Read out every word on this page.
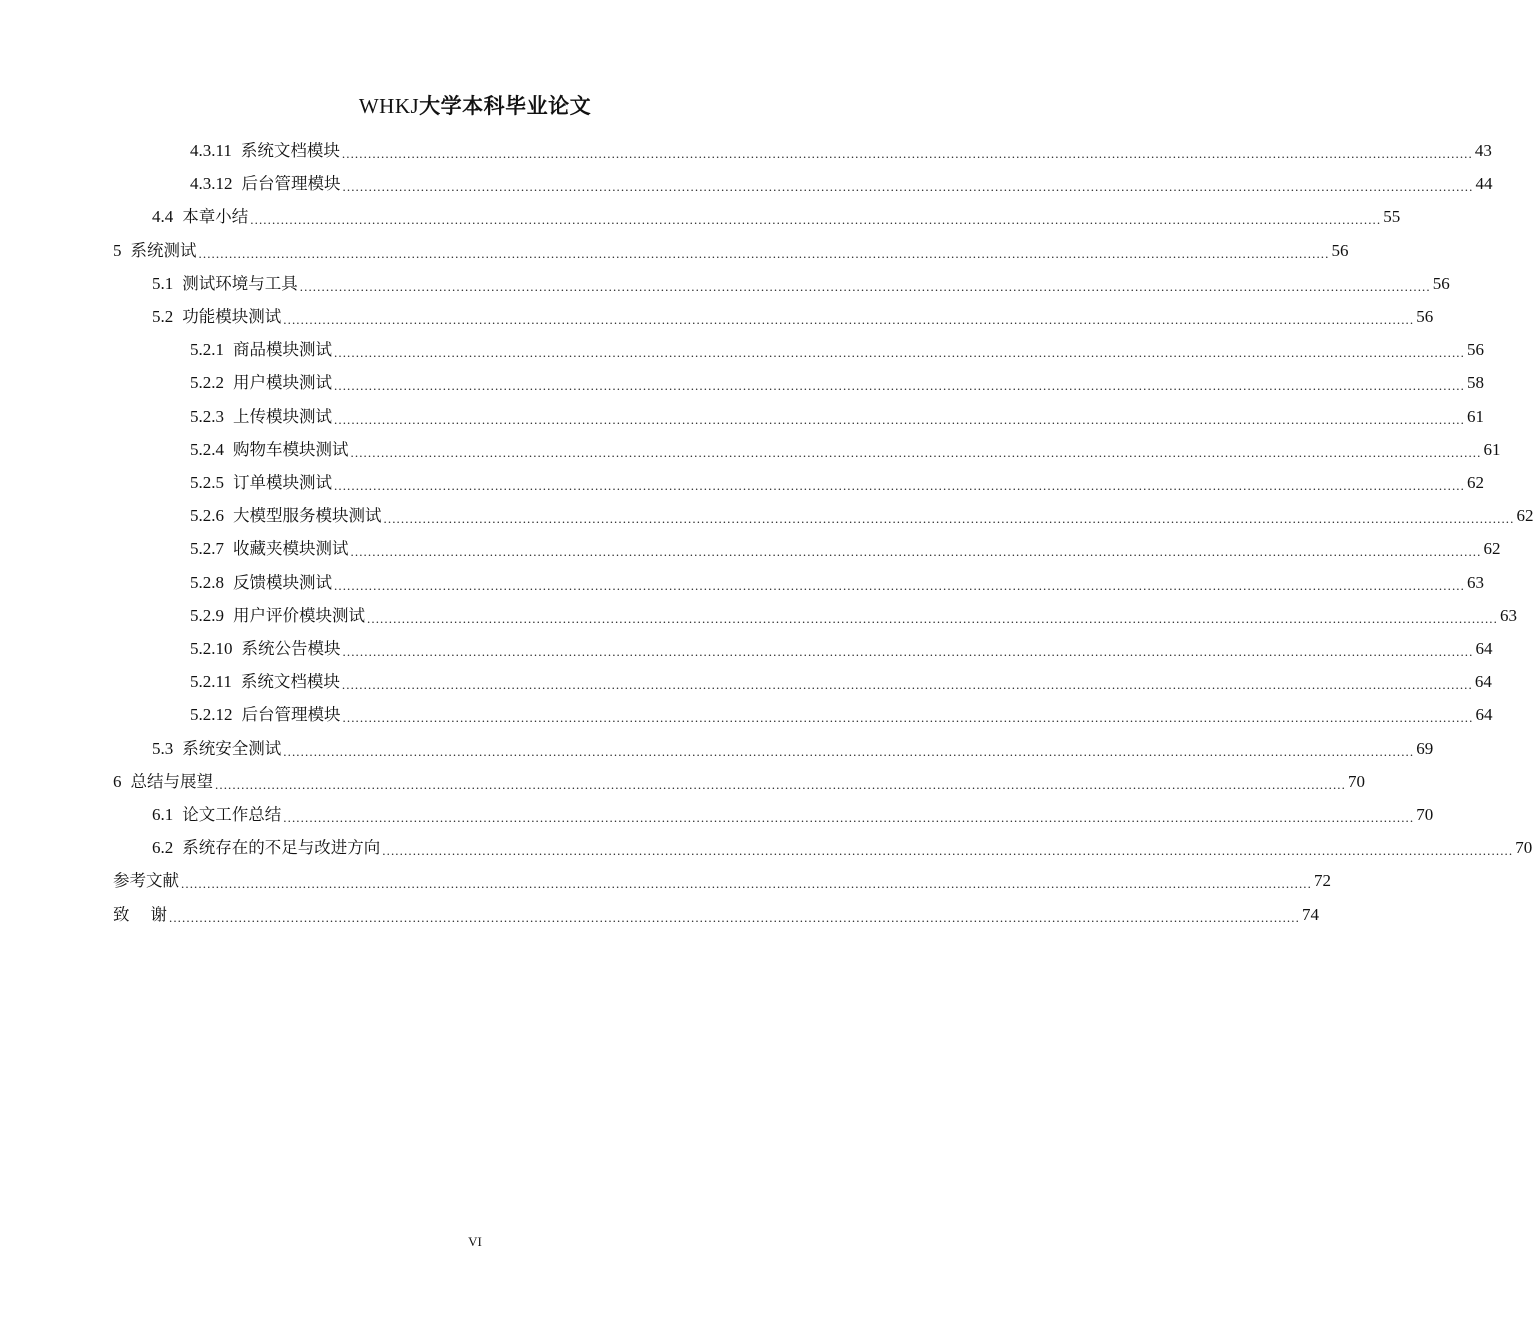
WHKJ大学本科毕业论文
4.3.11 系统文档模块 .................................................................................................................................................................................................................................................................... 43
4.3.12 后台管理模块 .................................................................................................................................................................................................................................................................... 44
4.4 本章小结 .................................................................................................................................................................................................................................................................... 55
5 系统测试 .................................................................................................................................................................................................................................................................... 56
5.1 测试环境与工具 .................................................................................................................................................................................................................................................................... 56
5.2 功能模块测试 .................................................................................................................................................................................................................................................................... 56
5.2.1 商品模块测试 .................................................................................................................................................................................................................................................................... 56
5.2.2 用户模块测试 .................................................................................................................................................................................................................................................................... 58
5.2.3 上传模块测试 .................................................................................................................................................................................................................................................................... 61
5.2.4 购物车模块测试 .................................................................................................................................................................................................................................................................... 61
5.2.5 订单模块测试 .................................................................................................................................................................................................................................................................... 62
5.2.6 大模型服务模块测试 .................................................................................................................................................................................................................................................................... 62
5.2.7 收藏夹模块测试 .................................................................................................................................................................................................................................................................... 62
5.2.8 反馈模块测试 .................................................................................................................................................................................................................................................................... 63
5.2.9 用户评价模块测试 .................................................................................................................................................................................................................................................................... 63
5.2.10 系统公告模块 .................................................................................................................................................................................................................................................................... 64
5.2.11 系统文档模块 .................................................................................................................................................................................................................................................................... 64
5.2.12 后台管理模块 .................................................................................................................................................................................................................................................................... 64
5.3 系统安全测试 .................................................................................................................................................................................................................................................................... 69
6 总结与展望 .................................................................................................................................................................................................................................................................... 70
6.1 论文工作总结 .................................................................................................................................................................................................................................................................... 70
6.2 系统存在的不足与改进方向 .................................................................................................................................................................................................................................................................... 70
参考文献 .................................................................................................................................................................................................................................................................... 72
致    谢 .................................................................................................................................................................................................................................................................... 74
VI
